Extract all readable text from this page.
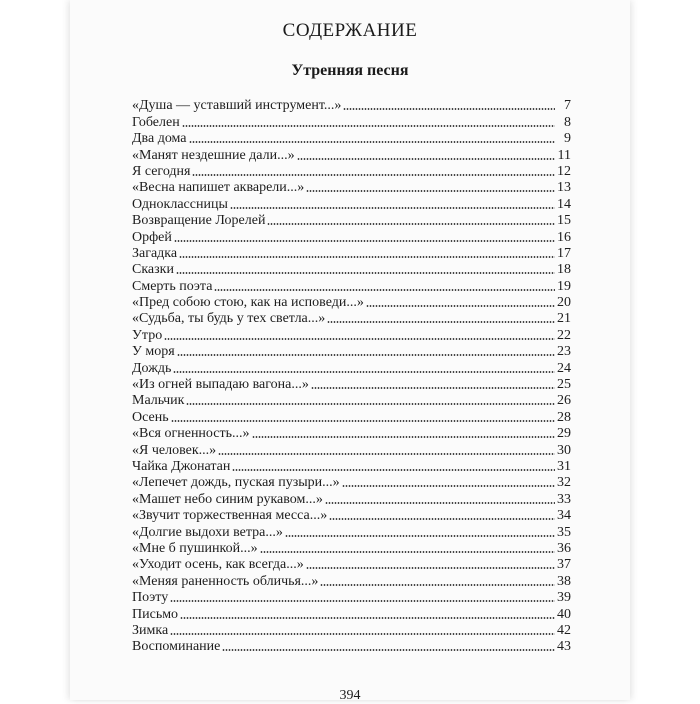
СОДЕРЖАНИЕ
Утренняя песня
«Душа — уставший инструмент...»	7
Гобелен	8
Два дома	9
«Манят нездешние дали...»	11
Я сегодня	12
«Весна напишет акварели...»	13
Одноклассницы	14
Возвращение Лорелей	15
Орфей	16
Загадка	17
Сказки	18
Смерть поэта	19
«Пред собою стою, как на исповеди...»	20
«Судьба, ты будь у тех светла...»	21
Утро	22
У моря	23
Дождь	24
«Из огней выпадаю вагона...»	25
Мальчик	26
Осень	28
«Вся огненность...»	29
«Я человек...»	30
Чайка Джонатан	31
«Лепечет дождь, пуская пузыри...»	32
«Машет небо синим рукавом...»	33
«Звучит торжественная месса...»	34
«Долгие выдохи ветра...»	35
«Мне б пушинкой...»	36
«Уходит осень, как всегда...»	37
«Меняя раненность обличья...»	38
Поэту	39
Письмо	40
Зимка	42
Воспоминание	43
394
